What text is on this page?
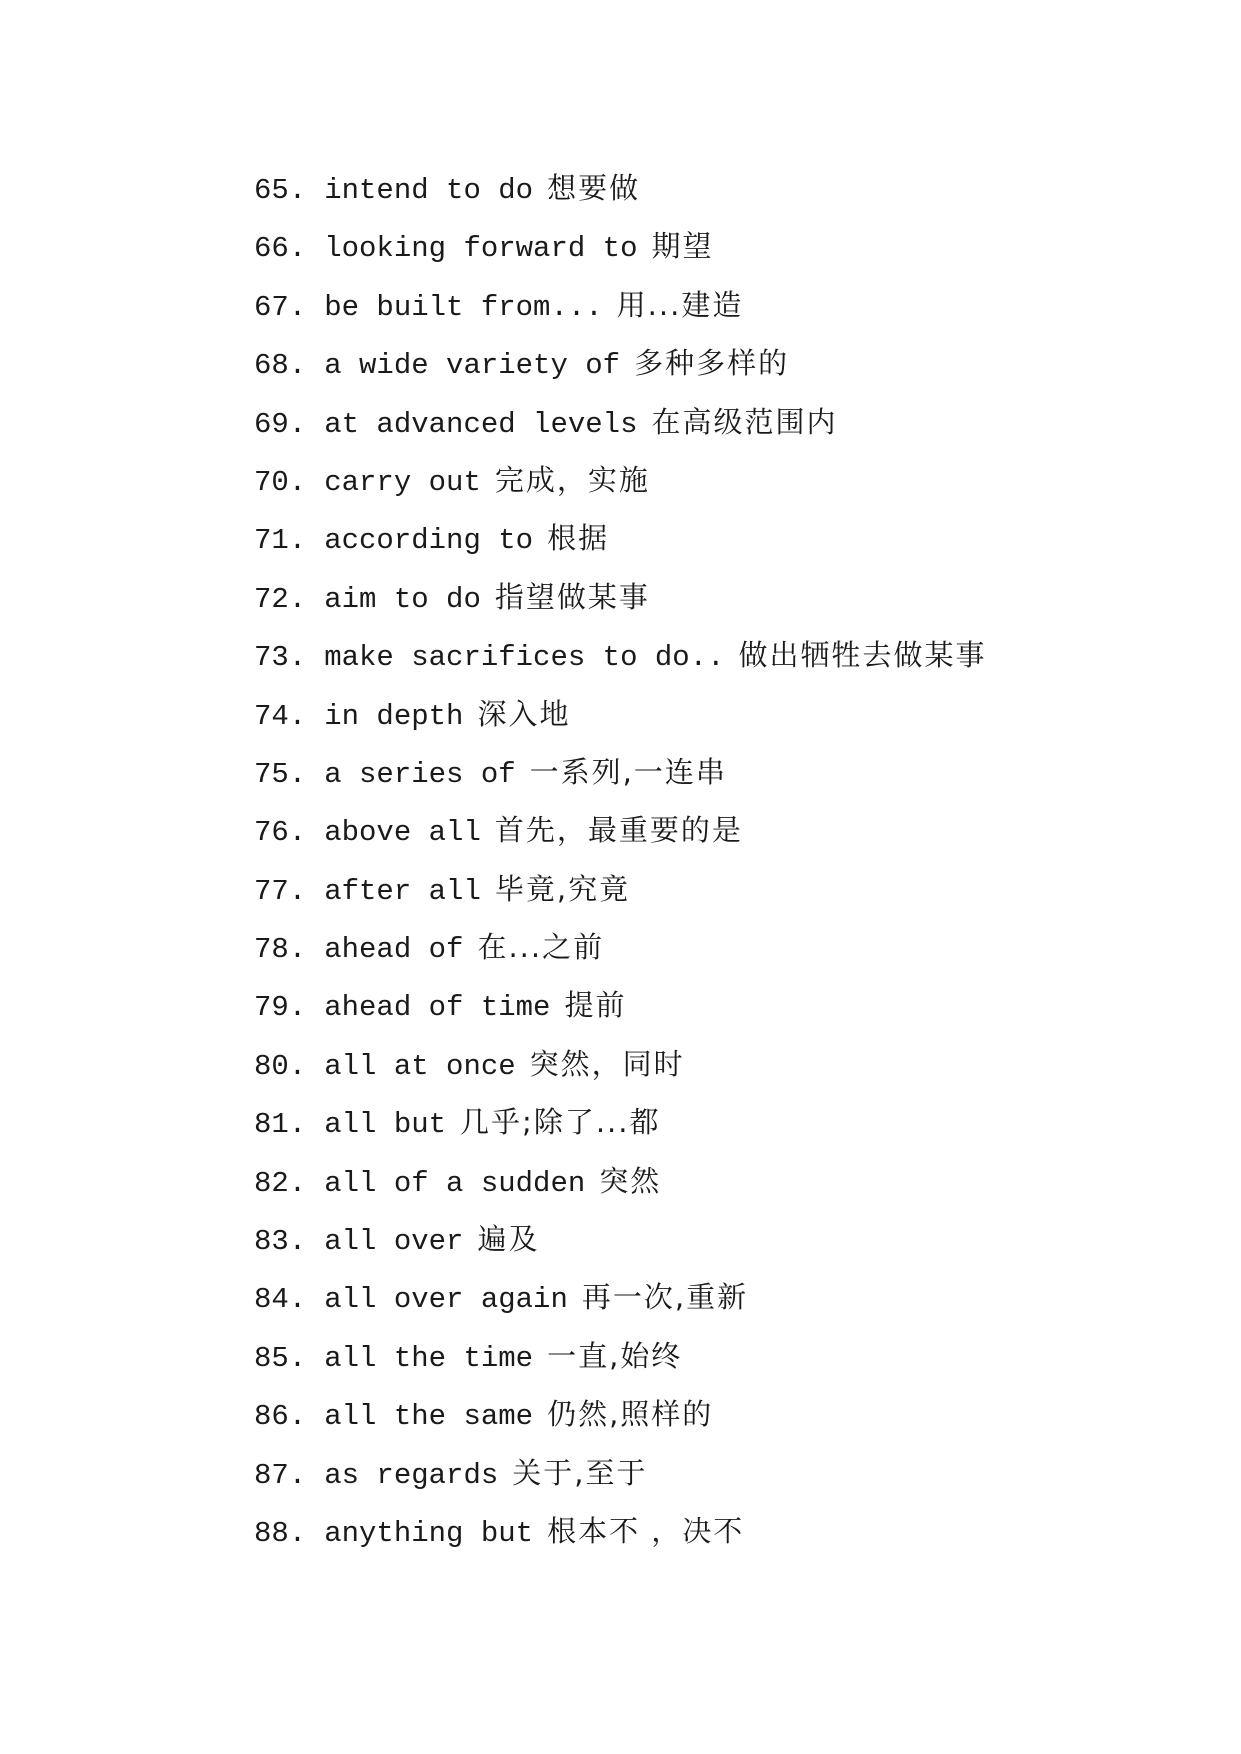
65. intend to do 想要做
66. looking forward to 期望
67. be built from... 用...建造
68. a wide variety of 多种多样的
69. at advanced levels 在高级范围内
70. carry out 完成，实施
71. according to 根据
72. aim to do 指望做某事
73. make sacrifices to do.. 做出牺牲去做某事
74. in depth 深入地
75. a series of 一系列,一连串
76. above all 首先，最重要的是
77. after all 毕竟,究竟
78. ahead of 在...之前
79. ahead of time 提前
80. all at once 突然，同时
81. all but 几乎;除了...都
82. all of a sudden 突然
83. all over 遍及
84. all over again 再一次,重新
85. all the time 一直,始终
86. all the same 仍然,照样的
87. as regards 关于,至于
88. anything but 根本不 ，决不
